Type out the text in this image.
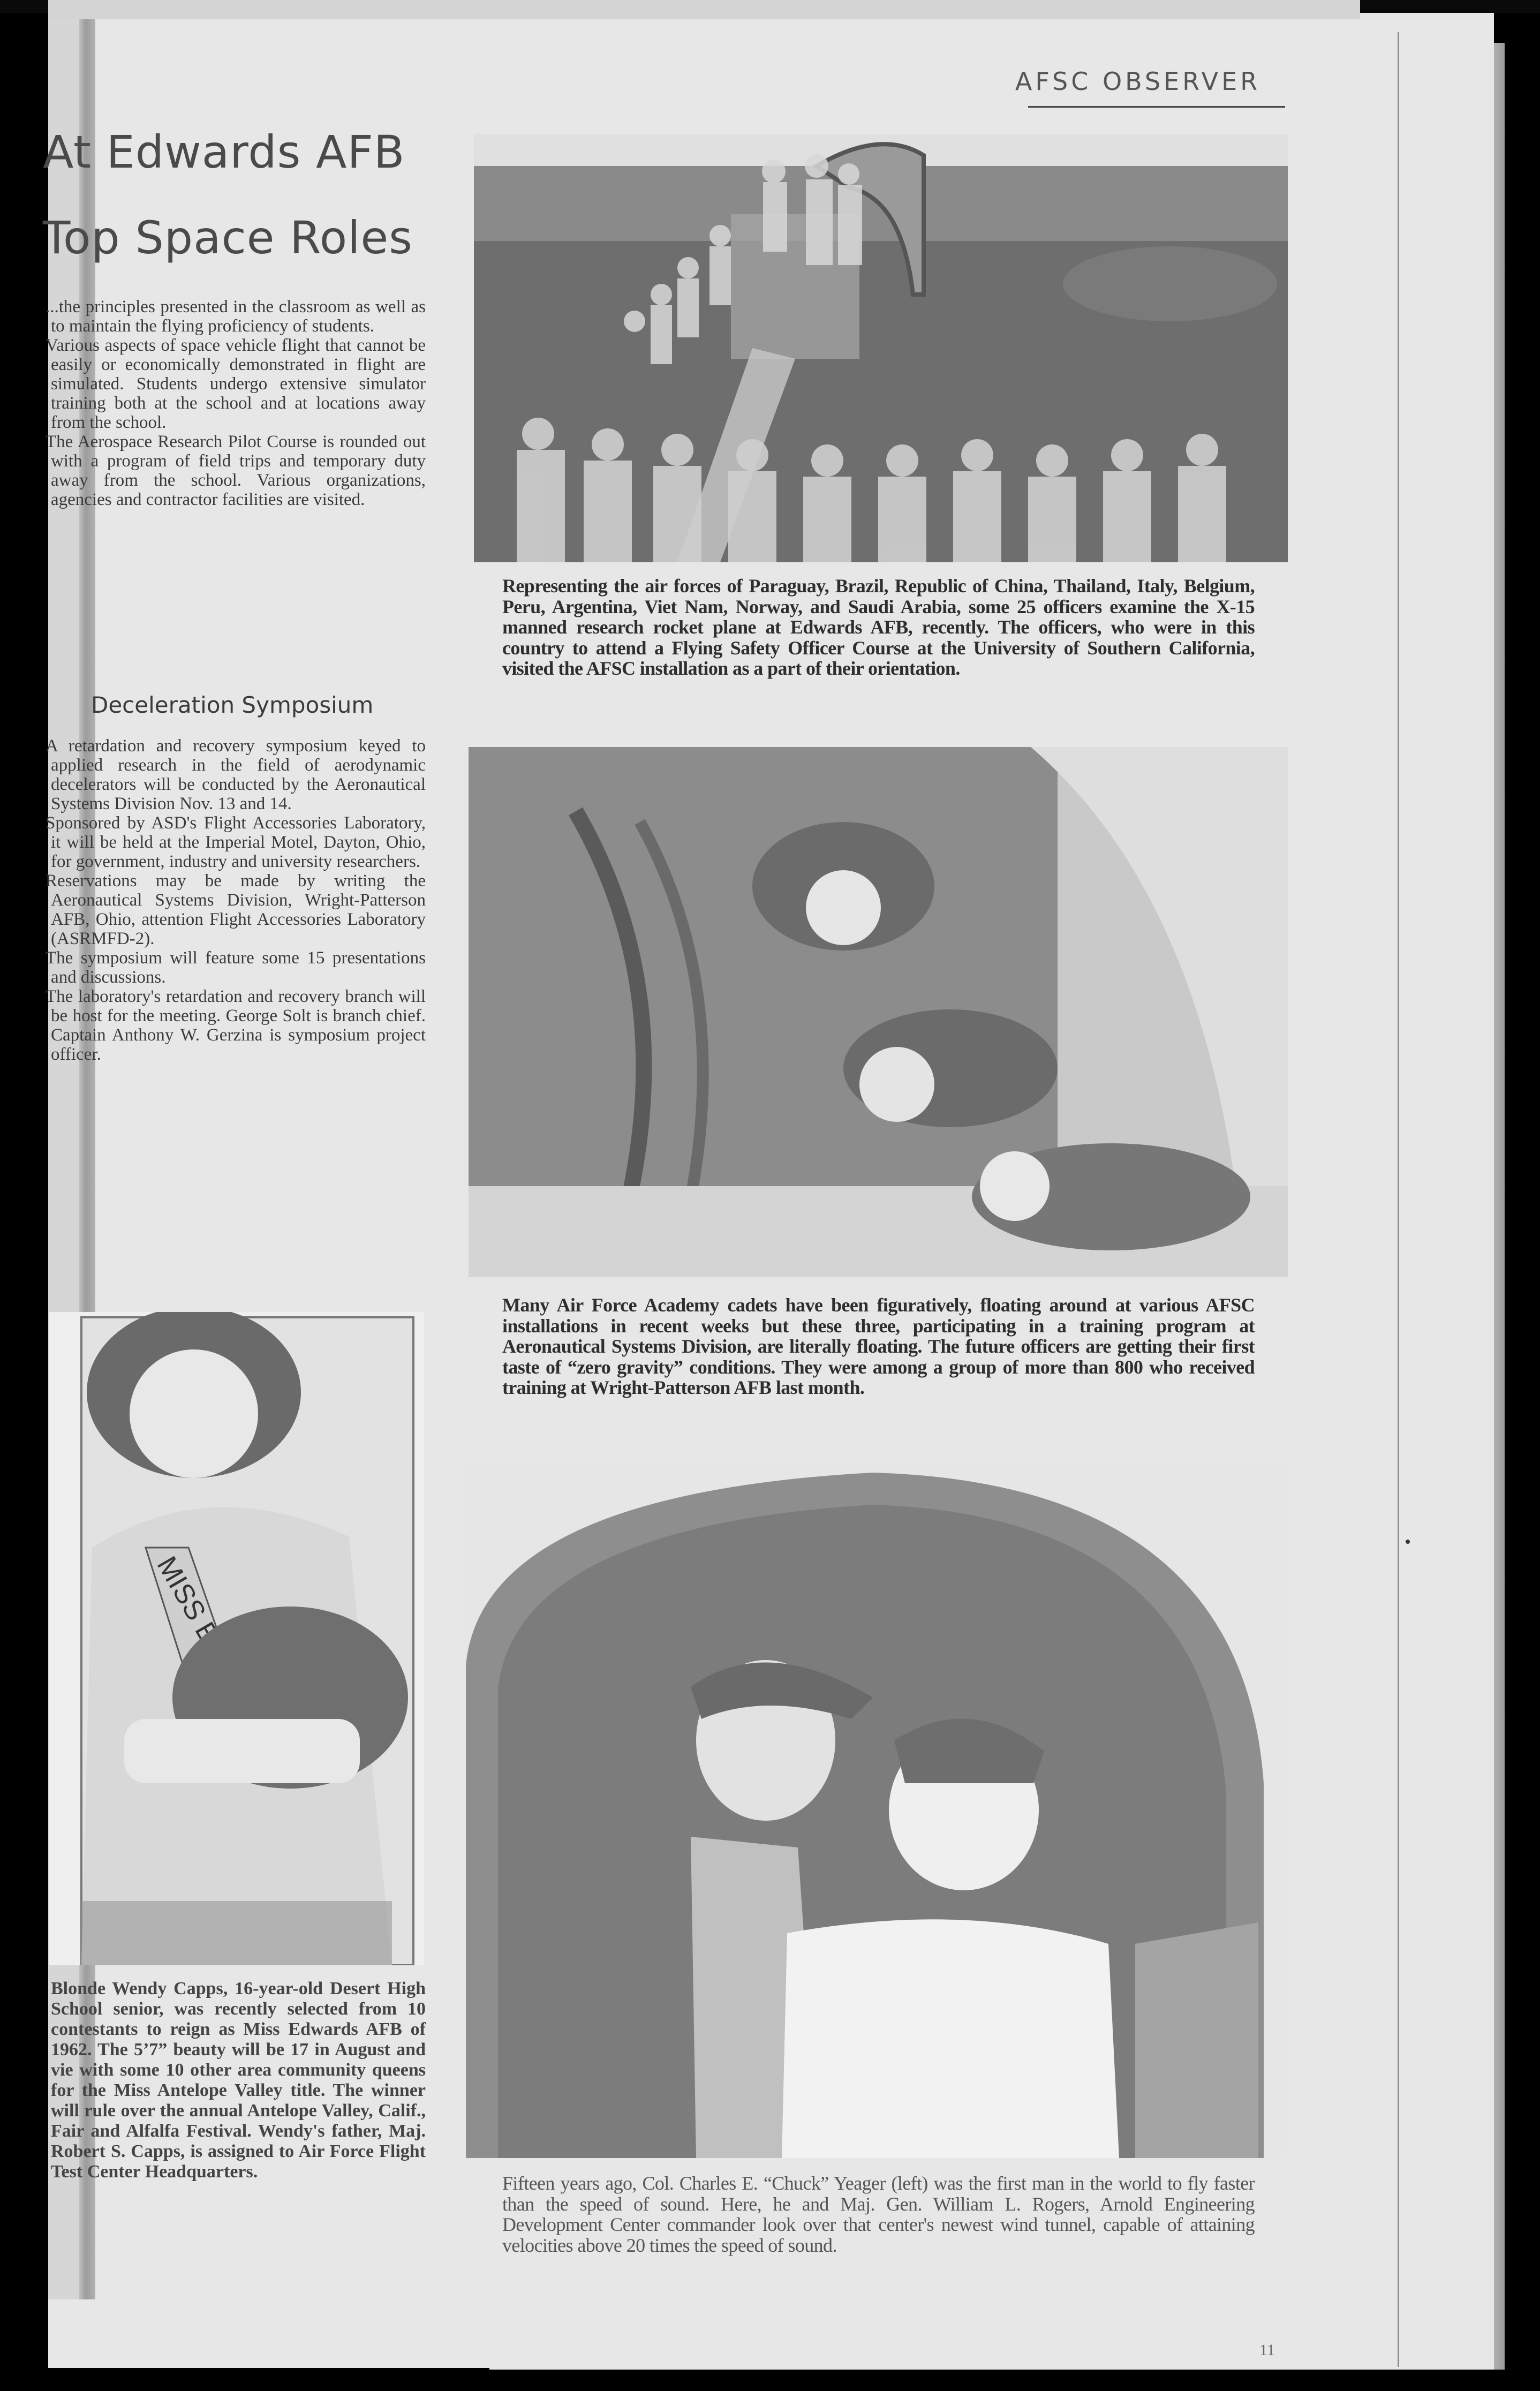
AFSC OBSERVER
At Edwards AFB
Top Space Roles

...the principles presented in the classroom as well as to maintain the flying proficiency of students.

Various aspects of space vehicle flight that cannot be easily or economically demonstrated in flight are simulated. Students undergo extensive simulator training both at the school and at locations away from the school.

The Aerospace Research Pilot Course is rounded out with a program of field trips and temporary duty away from the school. Various organizations, agencies and contractor facilities are visited.

Deceleration Symposium

A retardation and recovery symposium keyed to applied research in the field of aerodynamic decelerators will be conducted by the Aeronautical Systems Division Nov. 13 and 14.

Sponsored by ASD's Flight Accessories Laboratory, it will be held at the Imperial Motel, Dayton, Ohio, for government, industry and university researchers.

Reservations may be made by writing the Aeronautical Systems Division, Wright-Patterson AFB, Ohio, attention Flight Accessories Laboratory (ASRMFD-2).

The symposium will feature some 15 presentations and discussions.

The laboratory's retardation and recovery branch will be host for the meeting. George Solt is branch chief. Captain Anthony W. Gerzina is symposium project officer.

Representing the air forces of Paraguay, Brazil, Republic of China, Thailand, Italy, Belgium, Peru, Argentina, Viet Nam, Norway, and Saudi Arabia, some 25 officers examine the X-15 manned research rocket plane at Edwards AFB, recently. The officers, who were in this country to attend a Flying Safety Officer Course at the University of Southern California, visited the AFSC installation as a part of their orientation.
Many Air Force Academy cadets have been figuratively, floating around at various AFSC installations in recent weeks but these three, participating in a training program at Aeronautical Systems Division, are literally floating. The future officers are getting their first taste of “zero gravity” conditions. They were among a group of more than 800 who received training at Wright-Patterson AFB last month.
MISS
Blonde Wendy Capps, 16-year-old Desert High School senior, was recently selected from 10 contestants to reign as Miss Edwards AFB of 1962. The 5’7” beauty will be 17 in August and vie with some 10 other area community queens for the Miss Antelope Valley title. The winner will rule over the annual Antelope Valley, Calif., Fair and Alfalfa Festival. Wendy's father, Maj. Robert S. Capps, is assigned to Air Force Flight Test Center Headquarters.
Fifteen years ago, Col. Charles E. “Chuck” Yeager (left) was the first man in the world to fly faster than the speed of sound. Here, he and Maj. Gen. William L. Rogers, Arnold Engineering Development Center commander look over that center's newest wind tunnel, capable of attaining velocities above 20 times the speed of sound.
11
